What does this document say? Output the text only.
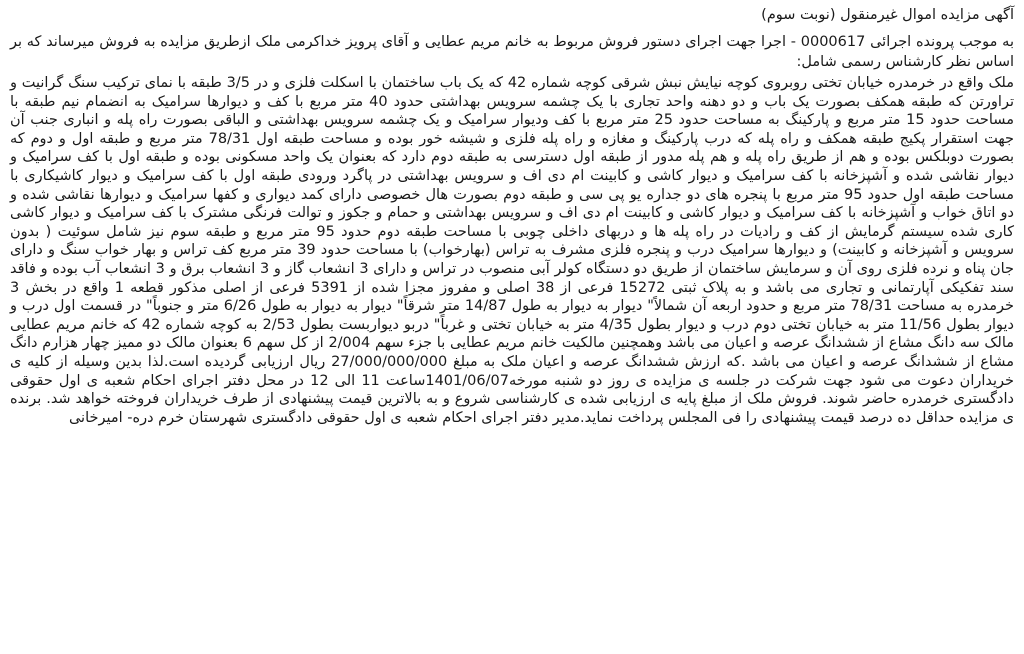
آگهی مزایده اموال غیرمنقول (نوبت سوم)

به موجب پرونده اجرائی 0000617 - اجرا جهت اجرای دستور فروش مربوط به خانم مریم عطایی و آقای پرویز خداکرمی ملک ازطریق مزایده به فروش میرساند که بر اساس نظر کارشناس رسمی شامل:

ملک واقع در خرمدره خیابان تختی روبروی کوچه نیایش نبش شرقی کوچه شماره 42 که یک باب ساختمان با اسکلت فلزی و در 3/5 طبقه با نمای ترکیب سنگ گرانیت و تراورتن که طبقه همکف بصورت یک باب و دو دهنه واحد تجاری با یک چشمه سرویس بهداشتی حدود 40 متر مربع با کف و دیوارها سرامیک به انضمام نیم طبقه با مساحت حدود 15 متر مربع و پارکینگ به مساحت حدود 25 متر مربع با کف ودیوار سرامیک و یک چشمه سرویس بهداشتی و الباقی بصورت راه پله و انباری جنب آن جهت استقرار پکیج طبقه همکف و راه پله که درب پارکینگ و مغازه و راه پله فلزی و شیشه خور بوده و مساحت طبقه اول 78/31 متر مربع و طبقه اول و دوم که بصورت دوبلکس بوده و هم از طریق راه پله و هم پله مدور از طبقه اول دسترسی به طبقه دوم دارد که بعنوان یک واحد مسکونی بوده و طبقه اول با کف سرامیک و دیوار نقاشی شده و آشپزخانه با کف سرامیک و دیوار کاشی و کابینت ام دی اف و سرویس بهداشتی در پاگرد ورودی طبقه اول با کف سرامیک و دیوار کاشیکاری با مساحت طبقه اول حدود 95 متر مربع با پنجره های دو جداره یو پی سی و طبقه دوم بصورت هال خصوصی دارای کمد دیواری و کفها سرامیک و دیوارها نقاشی شده و دو اتاق خواب و آشپزخانه با کف سرامیک و دیوار کاشی و کابینت ام دی اف و سرویس بهداشتی و حمام و جکوز و توالت فرنگی مشترک با کف سرامیک و دیوار کاشی کاری شده سیستم گرمایش از کف و رادیات در راه پله ها و دربهای داخلی چوبی با مساحت طبقه دوم حدود 95 متر مربع و طبقه سوم نیز شامل سوئیت ( بدون سرویس و آشپزخانه و کابینت) و دیوارها سرامیک درب و پنجره فلزی مشرف به تراس (بهارخواب) با مساحت حدود 39 متر مربع کف تراس و بهار خواب سنگ و دارای جان پناه و نرده فلزی روی آن و سرمایش ساختمان از طریق دو دستگاه کولر آبی منصوب در تراس و دارای 3 انشعاب گاز و 3 انشعاب برق و 3 انشعاب آب بوده و فاقد سند تفکیکی آپارتمانی و تجاری می باشد و به پلاک ثبتی 15272 فرعی از 38 اصلی و مفروز مجزا شده از 5391 فرعی از اصلی مذکور قطعه 1 واقع در بخش 3 خرمدره به مساحت 78/31 متر مربع و حدود اربعه آن شمالاً" دیوار به دیوار به طول 14/87 متر شرقاً" دیوار به دیوار به طول 6/26 متر و جنوباً" در قسمت اول درب و دیوار بطول 11/56 متر به خیابان تختی دوم درب و دیوار بطول 4/35 متر به خیابان تختی و غرباً" دربو دیواربست بطول 2/53 به کوچه شماره 42 که خانم مریم عطایی مالک سه دانگ مشاع از ششدانگ عرصه و اعیان می باشد وهمچنین مالکیت خانم مریم عطایی با جزء سهم 2/004 از کل سهم 6 بعنوان مالک دو ممیز چهار هزارم دانگ مشاع از ششدانگ عرصه و اعیان می باشد .که ارزش ششدانگ عرصه و اعیان ملک به مبلغ 27/000/000/000 ریال ارزیابی گردیده است.لذا بدین وسیله از کلیه ی خریداران دعوت می شود جهت شرکت در جلسه ی مزایده ی روز دو شنبه مورخه1401/06/07ساعت 11 الی 12 در محل دفتر اجرای احکام شعبه ی اول حقوقی دادگستری خرمدره حاضر شوند. فروش ملک از مبلغ پایه ی ارزیابی شده ی کارشناسی شروع و به بالاترین قیمت پیشنهادی از طرف خریداران فروخته خواهد شد. برنده ی مزایده حداقل ده درصد قیمت پیشنهادی را فی المجلس پرداخت نماید.مدیر دفتر اجرای احکام شعبه ی اول حقوقی دادگستری شهرستان خرم دره- امیرخانی
